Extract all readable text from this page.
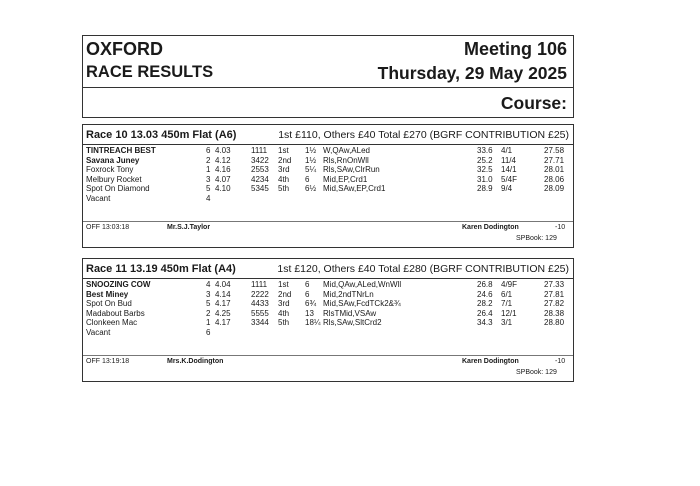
OXFORD
RACE RESULTS
Meeting 106
Thursday, 29 May 2025
Course:
Race 10 13.03 450m Flat (A6)	1st £110, Others £40 Total £270 (BGRF CONTRIBUTION £25)
TINTREACH BEST	6 4.03	1111 1st 1½ W,QAw,ALed	33.6 4/1	27.58
Savana Juney	2 4.12	3422 2nd 1½ Rls,RnOnWll	25.2 11/4	27.71
Foxrock Tony	1 4.16	2553 3rd 5¼ Rls,SAw,ClrRun	32.5 14/1	28.01
Melbury Rocket	3 4.07	4234 4th 6 Mid,EP,Crd1	31.0 5/4F	28.06
Spot On Diamond	5 4.10	5345 5th 6½ Mid,SAw,EP,Crd1	28.9 9/4	28.09
Vacant	4
OFF 13:03:18	Mr.S.J.Taylor	Karen Dodington	-10
SPBook: 129
Race 11 13.19 450m Flat (A4)	1st £120, Others £40 Total £280 (BGRF CONTRIBUTION £25)
SNOOZING COW	4 4.04	1111 1st 6 Mid,QAw,ALed,WnWll	26.8 4/9F	27.33
Best Miney	3 4.14	2222 2nd 6 Mid,2ndTNrLn	24.6 6/1	27.81
Spot On Bud	5 4.17	4433 3rd 6¾ Mid,SAw,FcdTCk2&¾	28.2 7/1	27.82
Madabout Barbs	2 4.25	5555 4th 13 RlsTMid,VSAw	26.4 12/1	28.38
Clonkeen Mac	1 4.17	3344 5th 18¼ Rls,SAw,SltCrd2	34.3 3/1	28.80
Vacant	6
OFF 13:19:18	Mrs.K.Dodington	Karen Dodington	-10
SPBook: 129
